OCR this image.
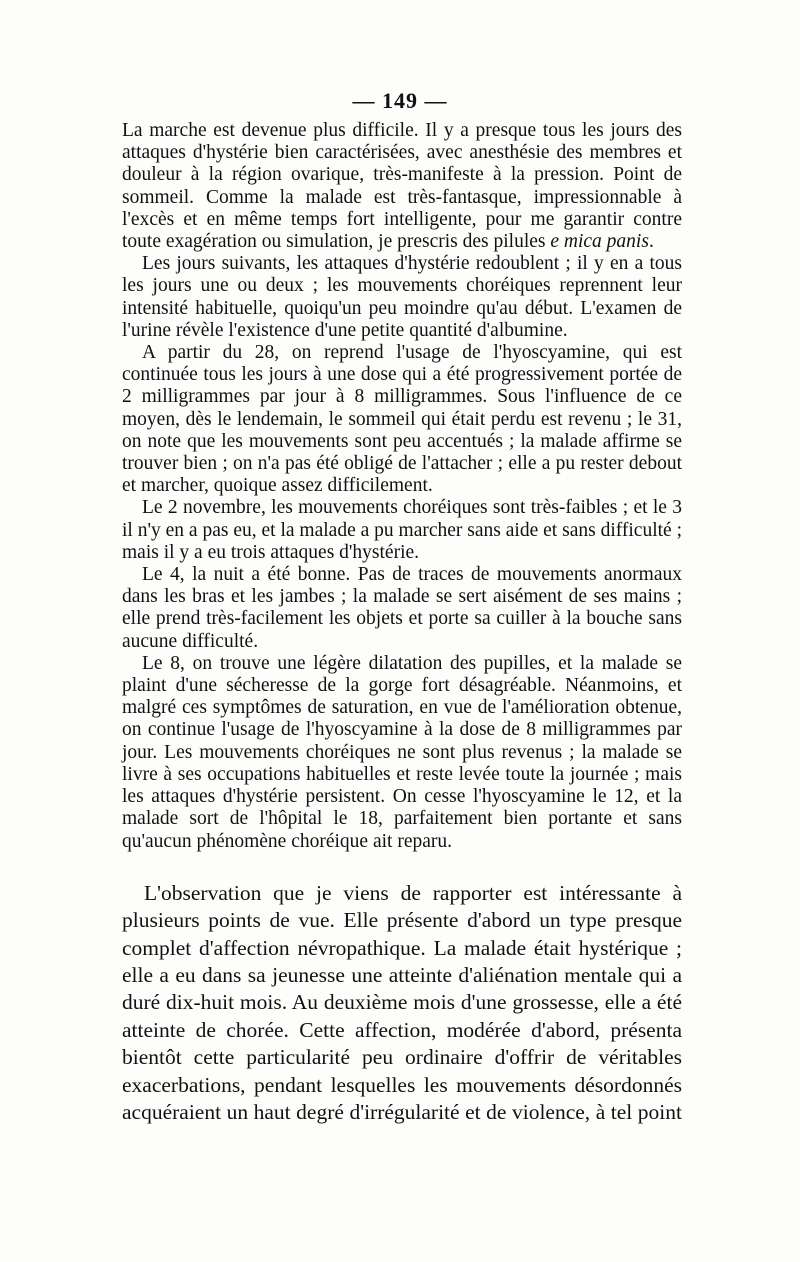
— 149 —

La marche est devenue plus difficile. Il y a presque tous les jours des attaques d'hystérie bien caractérisées, avec anesthésie des membres et douleur à la région ovarique, très-manifeste à la pression. Point de sommeil. Comme la malade est très-fantasque, impressionnable à l'excès et en même temps fort intelligente, pour me garantir contre toute exagération ou simulation, je prescris des pilules e mica panis.

Les jours suivants, les attaques d'hystérie redoublent ; il y en a tous les jours une ou deux ; les mouvements choréiques reprennent leur intensité habituelle, quoiqu'un peu moindre qu'au début. L'examen de l'urine révèle l'existence d'une petite quantité d'albumine.

A partir du 28, on reprend l'usage de l'hyoscyamine, qui est continuée tous les jours à une dose qui a été progressivement portée de 2 milligrammes par jour à 8 milligrammes. Sous l'influence de ce moyen, dès le lendemain, le sommeil qui était perdu est revenu ; le 31, on note que les mouvements sont peu accentués ; la malade affirme se trouver bien ; on n'a pas été obligé de l'attacher ; elle a pu rester debout et marcher, quoique assez difficilement.

Le 2 novembre, les mouvements choréiques sont très-faibles ; et le 3 il n'y en a pas eu, et la malade a pu marcher sans aide et sans difficulté ; mais il y a eu trois attaques d'hystérie.

Le 4, la nuit a été bonne. Pas de traces de mouvements anormaux dans les bras et les jambes ; la malade se sert aisément de ses mains ; elle prend très-facilement les objets et porte sa cuiller à la bouche sans aucune difficulté.

Le 8, on trouve une légère dilatation des pupilles, et la malade se plaint d'une sécheresse de la gorge fort désagréable. Néanmoins, et malgré ces symptômes de saturation, en vue de l'amélioration obtenue, on continue l'usage de l'hyoscyamine à la dose de 8 milligrammes par jour. Les mouvements choréiques ne sont plus revenus ; la malade se livre à ses occupations habituelles et reste levée toute la journée ; mais les attaques d'hystérie persistent. On cesse l'hyoscyamine le 12, et la malade sort de l'hôpital le 18, parfaitement bien portante et sans qu'aucun phénomène choréique ait reparu.

L'observation que je viens de rapporter est intéressante à plusieurs points de vue. Elle présente d'abord un type presque complet d'affection névropathique. La malade était hystérique ; elle a eu dans sa jeunesse une atteinte d'aliénation mentale qui a duré dix-huit mois. Au deuxième mois d'une grossesse, elle a été atteinte de chorée. Cette affection, modérée d'abord, présenta bientôt cette particularité peu ordinaire d'offrir de véritables exacerbations, pendant lesquelles les mouvements désordonnés acquéraient un haut degré d'irrégularité et de violence, à tel point
